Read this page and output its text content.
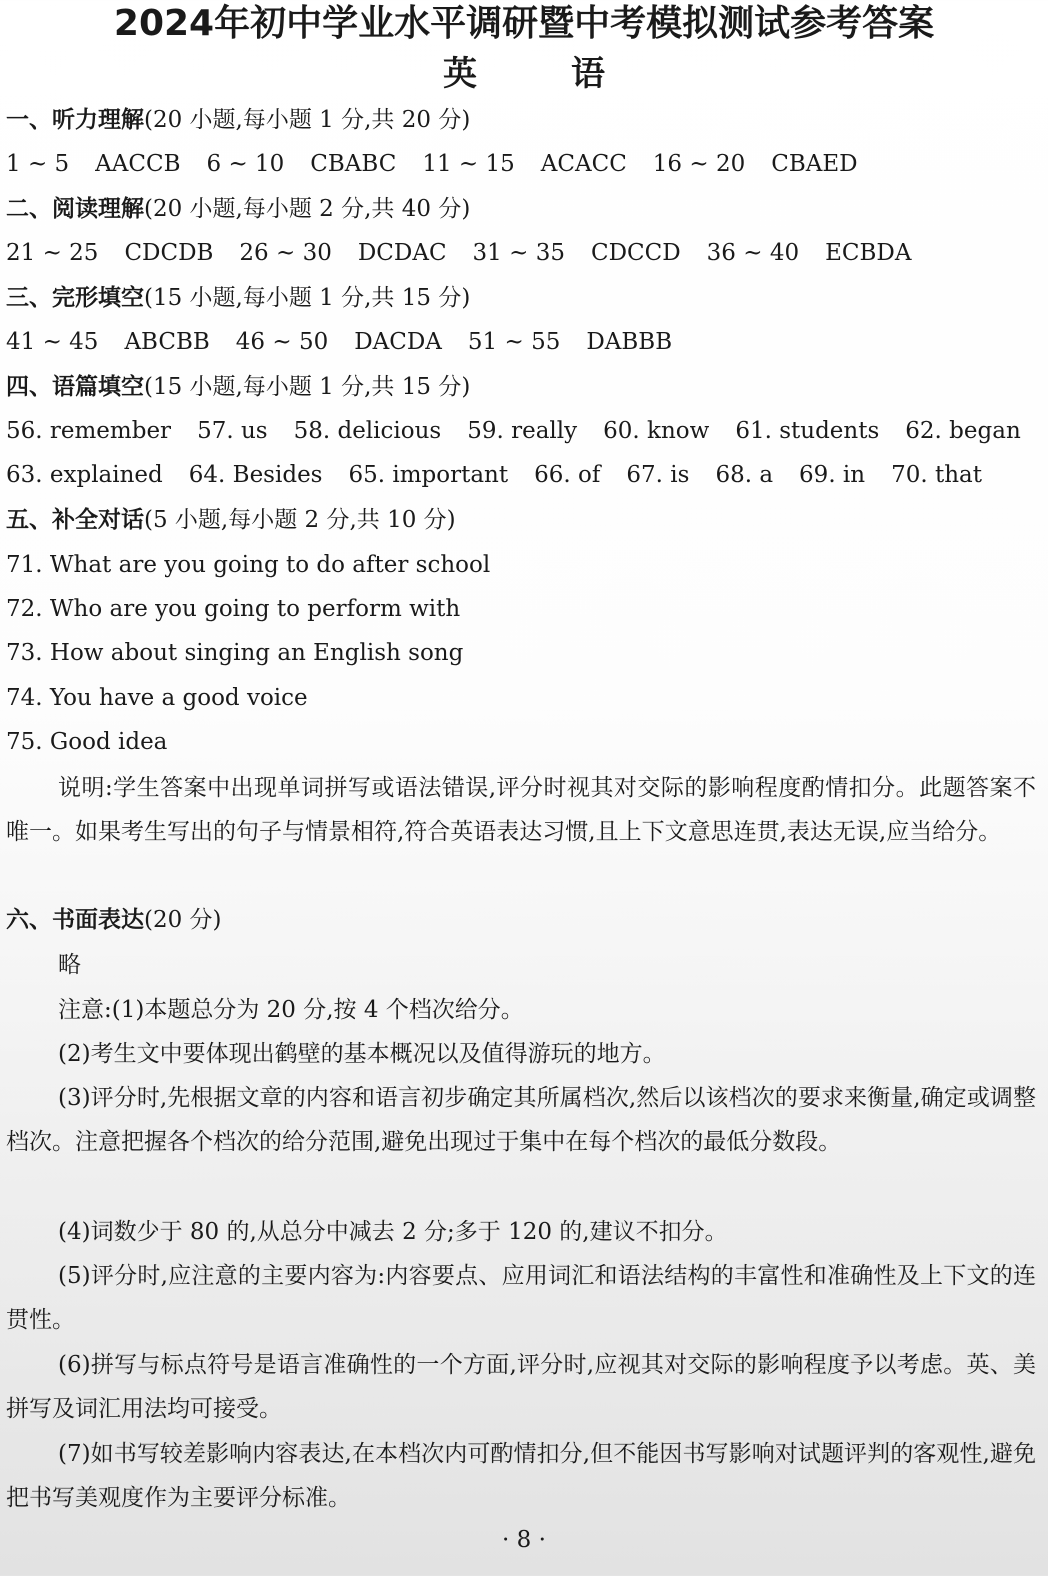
2024年初中学业水平调研暨中考模拟测试参考答案
英　语
一、听力理解(20 小题,每小题 1 分,共 20 分)
1 ~ 5 AACCB 6 ~ 10 CBABC 11 ~ 15 ACACC 16 ~ 20 CBAED
二、阅读理解(20 小题,每小题 2 分,共 40 分)
21 ~ 25 CDCDB 26 ~ 30 DCDAC 31 ~ 35 CDCCD 36 ~ 40 ECBDA
三、完形填空(15 小题,每小题 1 分,共 15 分)
41 ~ 45 ABCBB 46 ~ 50 DACDA 51 ~ 55 DABBB
四、语篇填空(15 小题,每小题 1 分,共 15 分)
56. remember 57. us 58. delicious 59. really 60. know 61. students 62. began
63. explained 64. Besides 65. important 66. of 67. is 68. a 69. in 70. that
五、补全对话(5 小题,每小题 2 分,共 10 分)
71. What are you going to do after school
72. Who are you going to perform with
73. How about singing an English song
74. You have a good voice
75. Good idea
说明:学生答案中出现单词拼写或语法错误,评分时视其对交际的影响程度酌情扣分。此题答案不唯一。如果考生写出的句子与情景相符,符合英语表达习惯,且上下文意思连贯,表达无误,应当给分。
六、书面表达(20 分)
略
注意:(1)本题总分为 20 分,按 4 个档次给分。
(2)考生文中要体现出鹤壁的基本概况以及值得游玩的地方。
(3)评分时,先根据文章的内容和语言初步确定其所属档次,然后以该档次的要求来衡量,确定或调整档次。注意把握各个档次的给分范围,避免出现过于集中在每个档次的最低分数段。
(4)词数少于 80 的,从总分中减去 2 分;多于 120 的,建议不扣分。
(5)评分时,应注意的主要内容为:内容要点、应用词汇和语法结构的丰富性和准确性及上下文的连贯性。
(6)拼写与标点符号是语言准确性的一个方面,评分时,应视其对交际的影响程度予以考虑。英、美拼写及词汇用法均可接受。
(7)如书写较差影响内容表达,在本档次内可酌情扣分,但不能因书写影响对试题评判的客观性,避免把书写美观度作为主要评分标准。
· 8 ·
